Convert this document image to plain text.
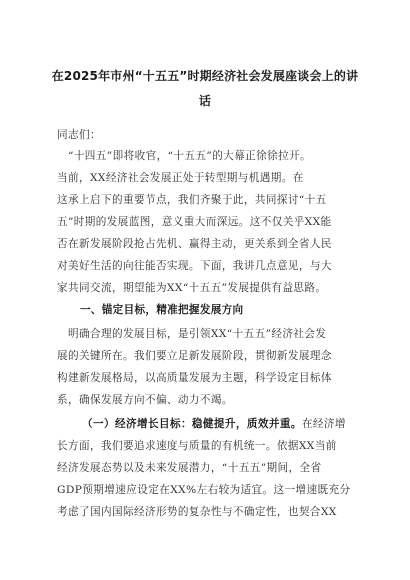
在2025年市州“十五五”时期经济社会发展座谈会上的讲
话
同志们：
“十四五”即将收官，“十五五”的大幕正徐徐拉开。
当前，XX经济社会发展正处于转型期与机遇期。在
这承上启下的重要节点，我们齐聚于此，共同探讨“十五
五”时期的发展蓝图，意义重大而深远。这不仅关乎XX能
否在新发展阶段抢占先机、赢得主动，更关系到全省人民
对美好生活的向往能否实现。下面，我讲几点意见，与大
家共同交流，期望能为XX“十五五”发展提供有益思路。
一、锚定目标，精准把握发展方向
明确合理的发展目标，是引领XX“十五五”经济社会发
展的关键所在。我们要立足新发展阶段，贯彻新发展理念
构建新发展格局，以高质量发展为主题，科学设定目标体
系，确保发展方向不偏、动力不竭。
（一）经济增长目标：稳健提升，质效并重。在经济增
长方面，我们要追求速度与质量的有机统一。依据XX当前
经济发展态势以及未来发展潜力，“十五五”期间，全省
GDP预期增速应设定在XX%左右较为适宜。这一增速既充分
考虑了国内国际经济形势的复杂性与不确定性，也契合XX
